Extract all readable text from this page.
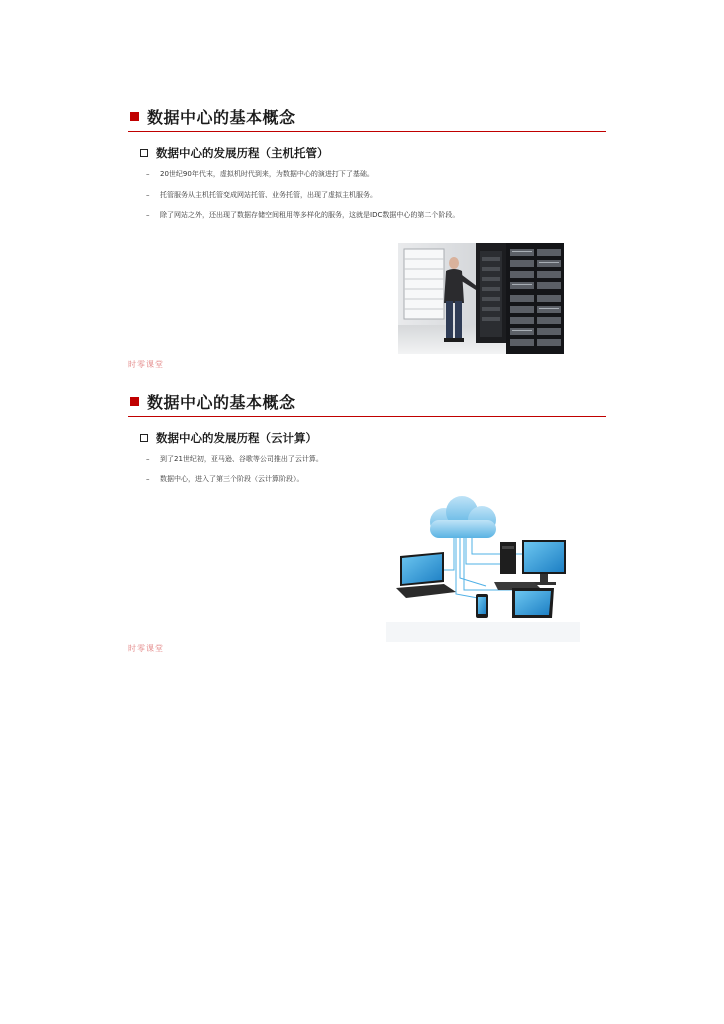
数据中心的基本概念
数据中心的发展历程（主机托管）
– 20世纪90年代末，虚拟机时代到来，为数据中心的演进打下了基础。
– 托管服务从主机托管变成网站托管、业务托管，出现了虚拟主机服务。
– 除了网站之外，还出现了数据存储空间租用等多样化的服务，这就是IDC数据中心的第二个阶段。
时零课堂
数据中心的基本概念
数据中心的发展历程（云计算）
– 到了21世纪初，亚马逊、谷歌等公司推出了云计算。
– 数据中心，进入了第三个阶段（云计算阶段）。
时零课堂
